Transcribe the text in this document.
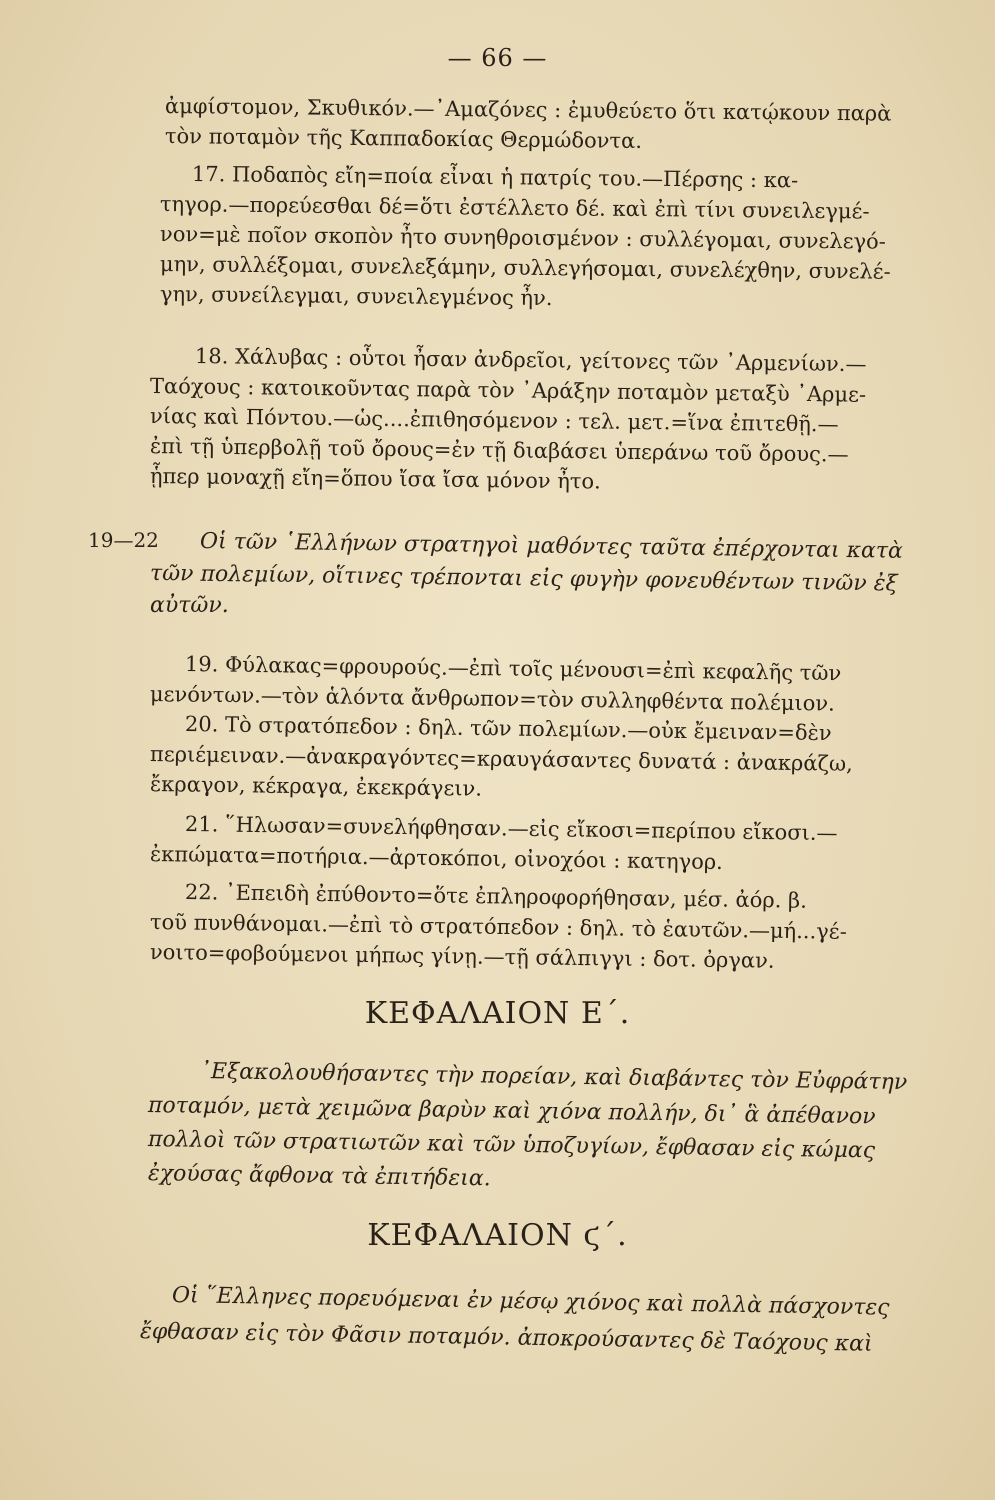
— 66 —
ἀμφίστομον, Σκυθικόν.—᾿Αμαζόνες : ἐμυθεύετο ὅτι κατῴκουν παρὰ
τὸν ποταμὸν τῆς Καππαδοκίας Θερμώδοντα.
17. Ποδαπὸς εἴη=ποία εἶναι ἡ πατρίς του.—Πέρσης : κα-
τηγορ.—πορεύεσθαι δέ=ὅτι ἐστέλλετο δέ. καὶ ἐπὶ τίνι συνειλεγμέ-
νον=μὲ ποῖον σκοπὸν ἦτο συνηθροισμένον : συλλέγομαι, συνελεγό-
μην, συλλέξομαι, συνελεξάμην, συλλεγήσομαι, συνελέχθην, συνελέ-
γην, συνείλεγμαι, συνειλεγμένος ἦν.
18. Χάλυβας : οὗτοι ἦσαν ἀνδρεῖοι, γείτονες τῶν ᾿Αρμενίων.—
Ταόχους : κατοικοῦντας παρὰ τὸν ᾿Αράξην ποταμὸν μεταξὺ ᾿Αρμε-
νίας καὶ Πόντου.—ὡς....ἐπιθησόμενον : τελ. μετ.=ἵνα ἐπιτεθῇ.—
ἐπὶ τῇ ὑπερβολῇ τοῦ ὄρους=ἐν τῇ διαβάσει ὑπεράνω τοῦ ὄρους.—
ᾗπερ μοναχῇ εἴη=ὅπου ἴσα ἴσα μόνον ἦτο.
19—22 Οἱ τῶν ῾Ελλήνων στρατηγοὶ μαθόντες ταῦτα ἐπέρχονται κατὰ
τῶν πολεμίων, οἵτινες τρέπονται εἰς φυγὴν φονευθέντων τινῶν ἐξ
αὐτῶν.
19. Φύλακας=φρουρούς.—ἐπὶ τοῖς μένουσι=ἐπὶ κεφαλῆς τῶν
μενόντων.—τὸν ἁλόντα ἄνθρωπον=τὸν συλληφθέντα πολέμιον.
20. Τὸ στρατόπεδον : δηλ. τῶν πολεμίων.—οὐκ ἔμειναν=δὲν
περιέμειναν.—ἀνακραγόντες=κραυγάσαντες δυνατά : ἀνακράζω,
ἔκραγον, κέκραγα, ἐκεκράγειν.
21. ῞Ηλωσαν=συνελήφθησαν.—εἰς εἴκοσι=περίπου εἴκοσι.—
ἐκπώματα=ποτήρια.—ἀρτοκόποι, οἰνοχόοι : κατηγορ.
22. ᾿Επειδὴ ἐπύθοντο=ὅτε ἐπληροφορήθησαν, μέσ. ἀόρ. β.
τοῦ πυνθάνομαι.—ἐπὶ τὸ στρατόπεδον : δηλ. τὸ ἑαυτῶν.—μή...γέ-
νοιτο=φοβούμενοι μήπως γίνῃ.—τῇ σάλπιγγι : δοτ. ὀργαν.
ΚΕΦΑΛΑΙΟΝ Ε΄.
᾿Εξακολουθήσαντες τὴν πορείαν, καὶ διαβάντες τὸν Εὐφράτην
ποταμόν, μετὰ χειμῶνα βαρὺν καὶ χιόνα πολλήν, δι᾿ ἃ ἀπέθανον
πολλοὶ τῶν στρατιωτῶν καὶ τῶν ὑποζυγίων, ἔφθασαν εἰς κώμας
ἐχούσας ἄφθονα τὰ ἐπιτήδεια.
ΚΕΦΑΛΑΙΟΝ ϛ΄.
Οἱ ῞Ελληνες πορευόμεναι ἐν μέσῳ χιόνος καὶ πολλὰ πάσχοντες
ἔφθασαν εἰς τὸν Φᾶσιν ποταμόν. ἀποκρούσαντες δὲ Ταόχους καὶ
